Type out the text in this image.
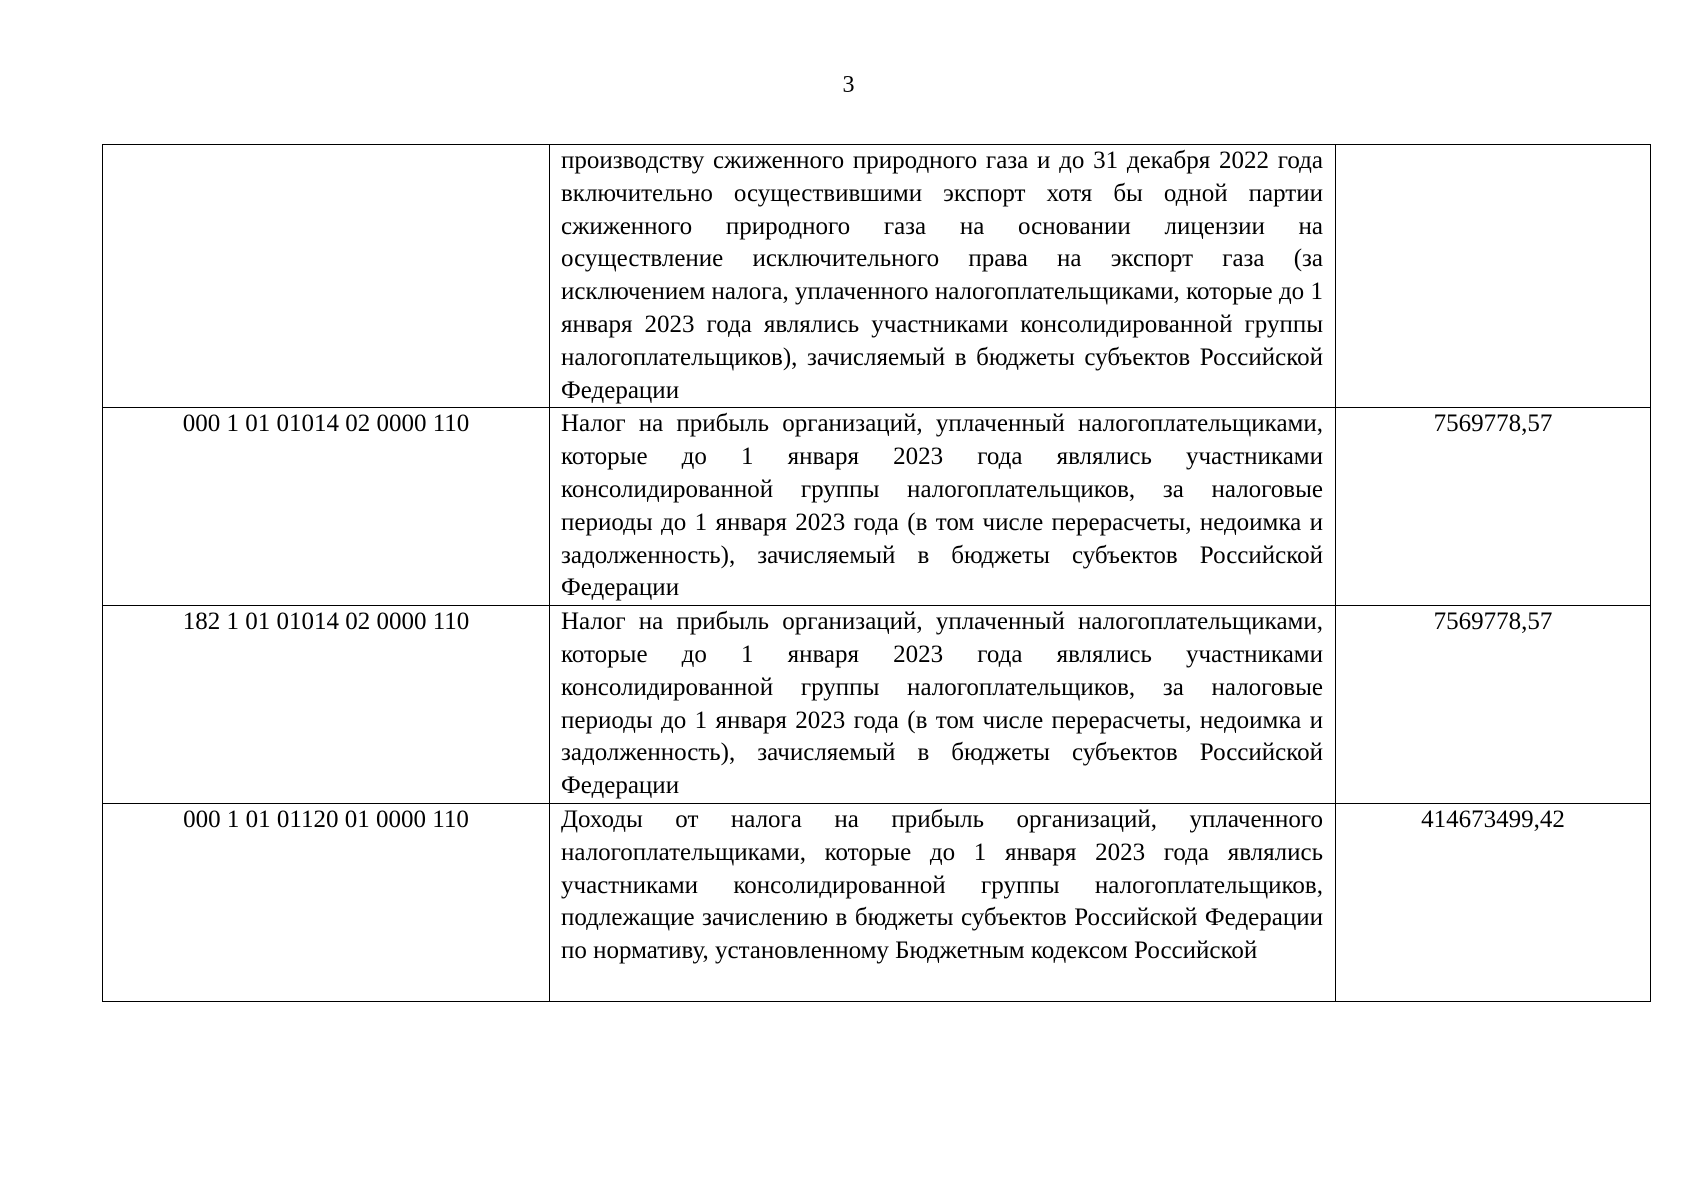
3
	производству сжиженного природного газа и до 31 декабря 2022 года включительно осуществившими экспорт хотя бы одной партии сжиженного природного газа на основании лицензии на осуществление исключительного права на экспорт газа (за исключением налога, уплаченного налогоплательщиками, которые до 1 января 2023 года являлись участниками консолидированной группы налогоплательщиков), зачисляемый в бюджеты субъектов Российской Федерации	
000 1 01 01014 02 0000 110	Налог на прибыль организаций, уплаченный налогоплательщиками, которые до 1 января 2023 года являлись участниками консолидированной группы налогоплательщиков, за налоговые периоды до 1 января 2023 года (в том числе перерасчеты, недоимка и задолженность), зачисляемый в бюджеты субъектов Российской Федерации	7569778,57
182 1 01 01014 02 0000 110	Налог на прибыль организаций, уплаченный налогоплательщиками, которые до 1 января 2023 года являлись участниками консолидированной группы налогоплательщиков, за налоговые периоды до 1 января 2023 года (в том числе перерасчеты, недоимка и задолженность), зачисляемый в бюджеты субъектов Российской Федерации	7569778,57

000 1 01 01120 01 0000 110	Доходы от налога на прибыль организаций, уплаченного налогоплательщиками, которые до 1 января 2023 года являлись участниками консолидированной группы налогоплательщиков, подлежащие зачислению в бюджеты субъектов Российской Федерации по нормативу, установленному Бюджетным кодексом Российской	414673499,42
